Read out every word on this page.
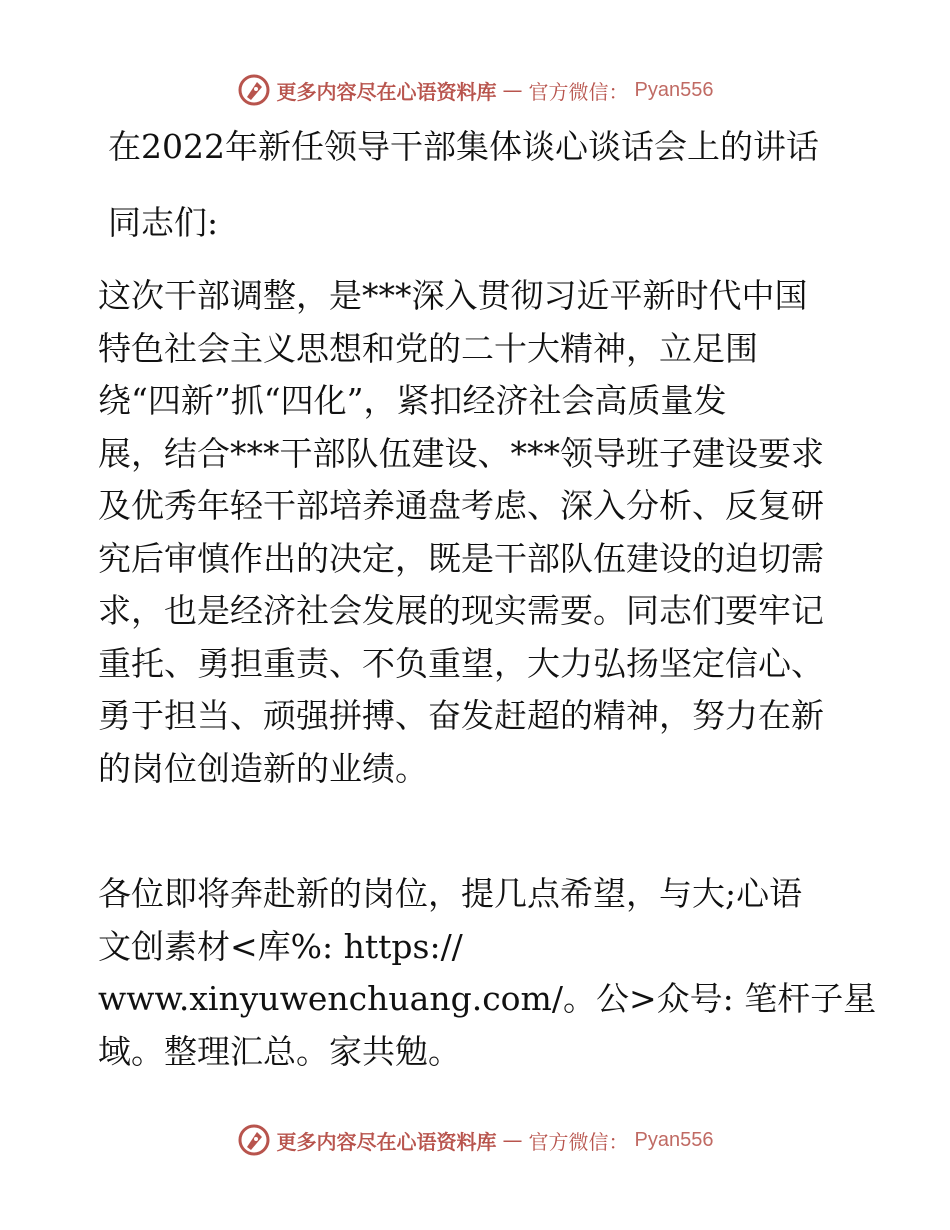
更多内容尽在心语资料库 — 官方微信： Pyan556
在2022年新任领导干部集体谈心谈话会上的讲话
同志们:
这次干部调整，是***深入贯彻习近平新时代中国
特色社会主义思想和党的二十大精神，立足围
绕“四新”抓“四化”，紧扣经济社会高质量发
展，结合***干部队伍建设、***领导班子建设要求
及优秀年轻干部培养通盘考虑、深入分析、反复研
究后审慎作出的决定，既是干部队伍建设的迫切需
求，也是经济社会发展的现实需要。同志们要牢记
重托、勇担重责、不负重望，大力弘扬坚定信心、
勇于担当、顽强拼搏、奋发赶超的精神，努力在新
的岗位创造新的业绩。
各位即将奔赴新的岗位，提几点希望，与大;心语
文创素材<库%: https://
www.xinyuwenchuang.com/。公>众号: 笔杆子星
域。整理汇总。家共勉。
更多内容尽在心语资料库 — 官方微信： Pyan556
